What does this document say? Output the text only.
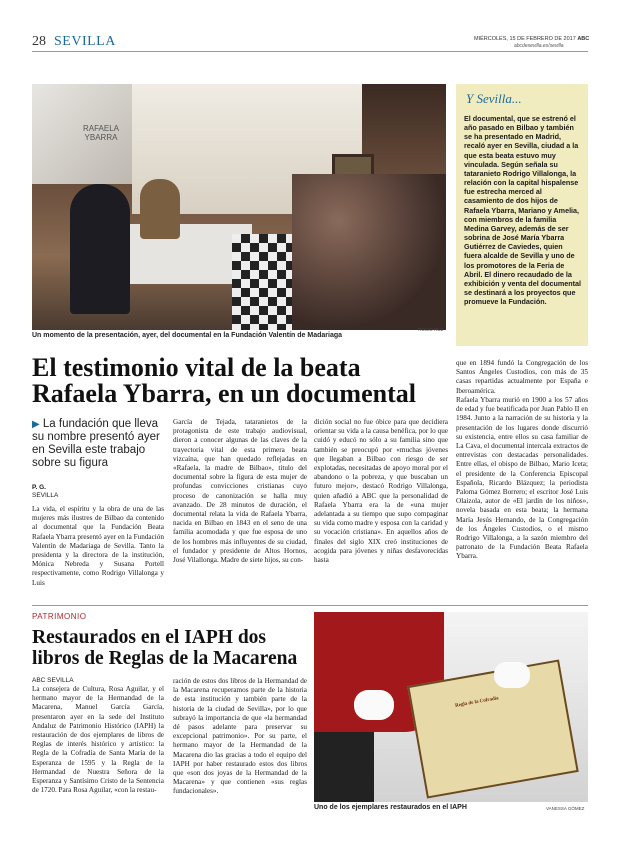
28 SEVILLA	MIÉRCOLES, 15 DE FEBRERO DE 2017 ABC
abcdesevilla.es/sevilla
RAFAELA YBARRA
Un momento de la presentación, ayer, del documental en la Fundación Valentín de Madariaga
ROCÍO RUZ
Y Sevilla...
El documental, que se estrenó el año pasado en Bilbao y también se ha presentado en Madrid, recaló ayer en Sevilla, ciudad a la que esta beata estuvo muy vinculada. Según señala su tataranieto Rodrigo Villalonga, la relación con la capital hispalense fue estrecha merced al casamiento de dos hijos de Rafaela Ybarra, Mariano y Amelia, con miembros de la familia Medina Garvey, además de ser sobrina de José María Ybarra Gutiérrez de Caviedes, quien fuera alcalde de Sevilla y uno de los promotores de la Feria de Abril. El dinero recaudado de la exhibición y venta del documental se destinará a los proyectos que promueve la Fundación.
El testimonio vital de la beata
Rafaela Ybarra, en un documental
que en 1894 fundó la Congregación de los Santos Ángeles Custodios, con más de 35 casas repartidas actualmente por España e Iberoamérica.
▶ La fundación que lleva su nombre presentó ayer en Sevilla este trabajo sobre su figura
P. G.
SEVILLA
La vida, el espíritu y la obra de una de las mujeres más ilustres de Bilbao da contenido al documental que la Fundación Beata Rafaela Ybarra presentó ayer en la Fundación Valentín de Madariaga de Sevilla. Tanto la presidenta y la directora de la institución, Mónica Nebreda y Susana Portell respectivamente, como Rodrigo Villalonga y Luis
García de Tejada, tataranietos de la protagonista de este trabajo audiovisual, dieron a conocer algunas de las claves de la trayectoria vital de esta primera beata vizcaína, que han quedado reflejadas en «Rafaela, la madre de Bilbao», título del documental sobre la figura de esta mujer de profundas convicciones cristianas cuyo proceso de canonización se halla muy avanzado. De 28 minutos de duración, el documental relata la vida de Rafaela Ybarra, nacida en Bilbao en 1843 en el seno de una familia acomodada y que fue esposa de uno de los hombres más influyentes de su ciudad, el fundador y presidente de Altos Hornos, José Vilallonga. Madre de siete hijos, su con-
dición social no fue óbice para que decidiera orientar su vida a la causa benéfica, por lo que cuidó y educó no sólo a su familia sino que también se preocupó por «muchas jóvenes que llegaban a Bilbao con riesgo de ser explotadas, necesitadas de apoyo moral por el abandono o la pobreza, y que buscaban un futuro mejor», destacó Rodrigo Villalonga, quien añadió a ABC que la personalidad de Rafaela Ybarra era la de «una mujer adelantada a su tiempo que supo compaginar su vida como madre y esposa con la caridad y su vocación cristiana». En aquellos años de finales del siglo XIX creó instituciones de acogida para jóvenes y niñas desfavorecidas hasta
Rafaela Ybarra murió en 1900 a los 57 años de edad y fue beatificada por Juan Pablo II en 1984. Junto a la narración de su historia y la presentación de los lugares donde discurrió su existencia, entre ellos su casa familiar de La Cava, el documental intercala extractos de entrevistas con destacadas personalidades. Entre ellas, el obispo de Bilbao, Mario Iceta; el presidente de la Conferencia Episcopal Española, Ricardo Blázquez; la periodista Paloma Gómez Borrero; el escritor José Luis Olaizola, autor de «El jardín de los niños», novela basada en esta beata; la hermana María Jesús Hernando, de la Congregación de los Ángeles Custodios, o el mismo Rodrigo Villalonga, a la sazón miembro del patronato de la Fundación Beata Rafaela Ybarra.
PATRIMONIO
Restaurados en el IAPH dos
libros de Reglas de la Macarena
ABC SEVILLA
La consejera de Cultura, Rosa Aguilar, y el hermano mayor de la Hermandad de la Macarena, Manuel García García, presentaron ayer en la sede del Instituto Andaluz de Patrimonio Histórico (IAPH) la restauración de dos ejemplares de libros de Reglas de interés histórico y artístico: la Regla de la Cofradía de Santa María de la Esperanza de 1595 y la Regla de la Hermandad de Nuestra Señora de la Esperanza y Santísimo Cristo de la Sentencia de 1720. Para Rosa Aguilar, «con la restau-
ración de estos dos libros de la Hermandad de la Macarena recuperamos parte de la historia de esta institución y también parte de la historia de la ciudad de Sevilla», por lo que subrayó la importancia de que «la hermandad dé pasos adelante para preservar su excepcional patrimonio». Por su parte, el hermano mayor de la Hermandad de la Macarena dio las gracias a todo el equipo del IAPH por haber restaurado estos dos libros que «son dos joyas de la Hermandad de la Macarena» y que contienen «sus reglas fundacionales».
Regla de la Cofradía
Uno de los ejemplares restaurados en el IAPH	VANESSA GÓMEZ
